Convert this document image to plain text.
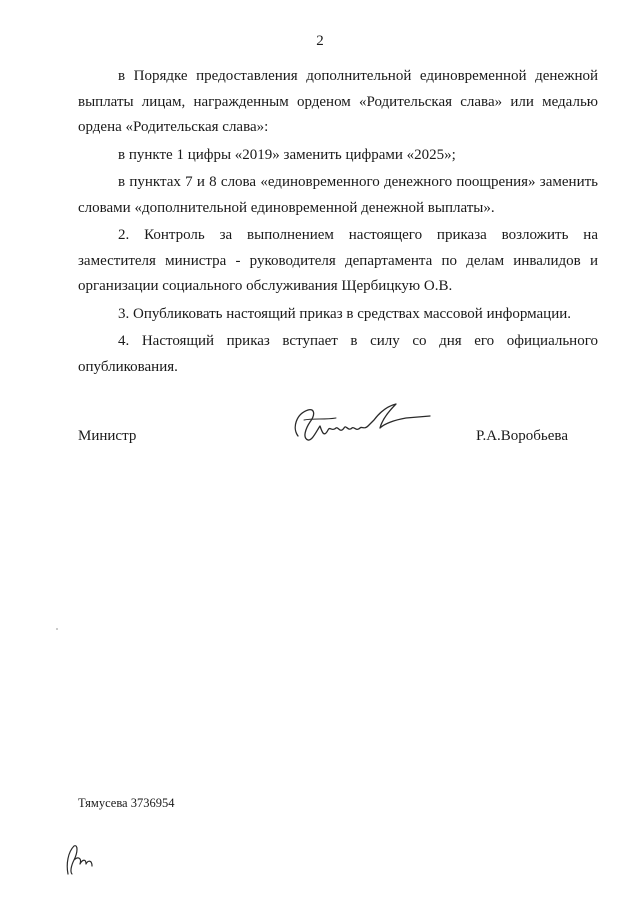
2

в Порядке предоставления дополнительной единовременной денежной выплаты лицам, награжденным орденом «Родительская слава» или медалью ордена «Родительская слава»:

в пункте 1 цифры «2019» заменить цифрами «2025»;

в пунктах 7 и 8 слова «единовременного денежного поощрения» заменить словами «дополнительной единовременной денежной выплаты».

2. Контроль за выполнением настоящего приказа возложить на заместителя министра - руководителя департамента по делам инвалидов и организации социального обслуживания Щербицкую О.В.

3. Опубликовать настоящий приказ в средствах массовой информации.

4. Настоящий приказ вступает в силу со дня его официального опубликования.

Министр	Р.А.Воробьева
Тямусева 3736954
